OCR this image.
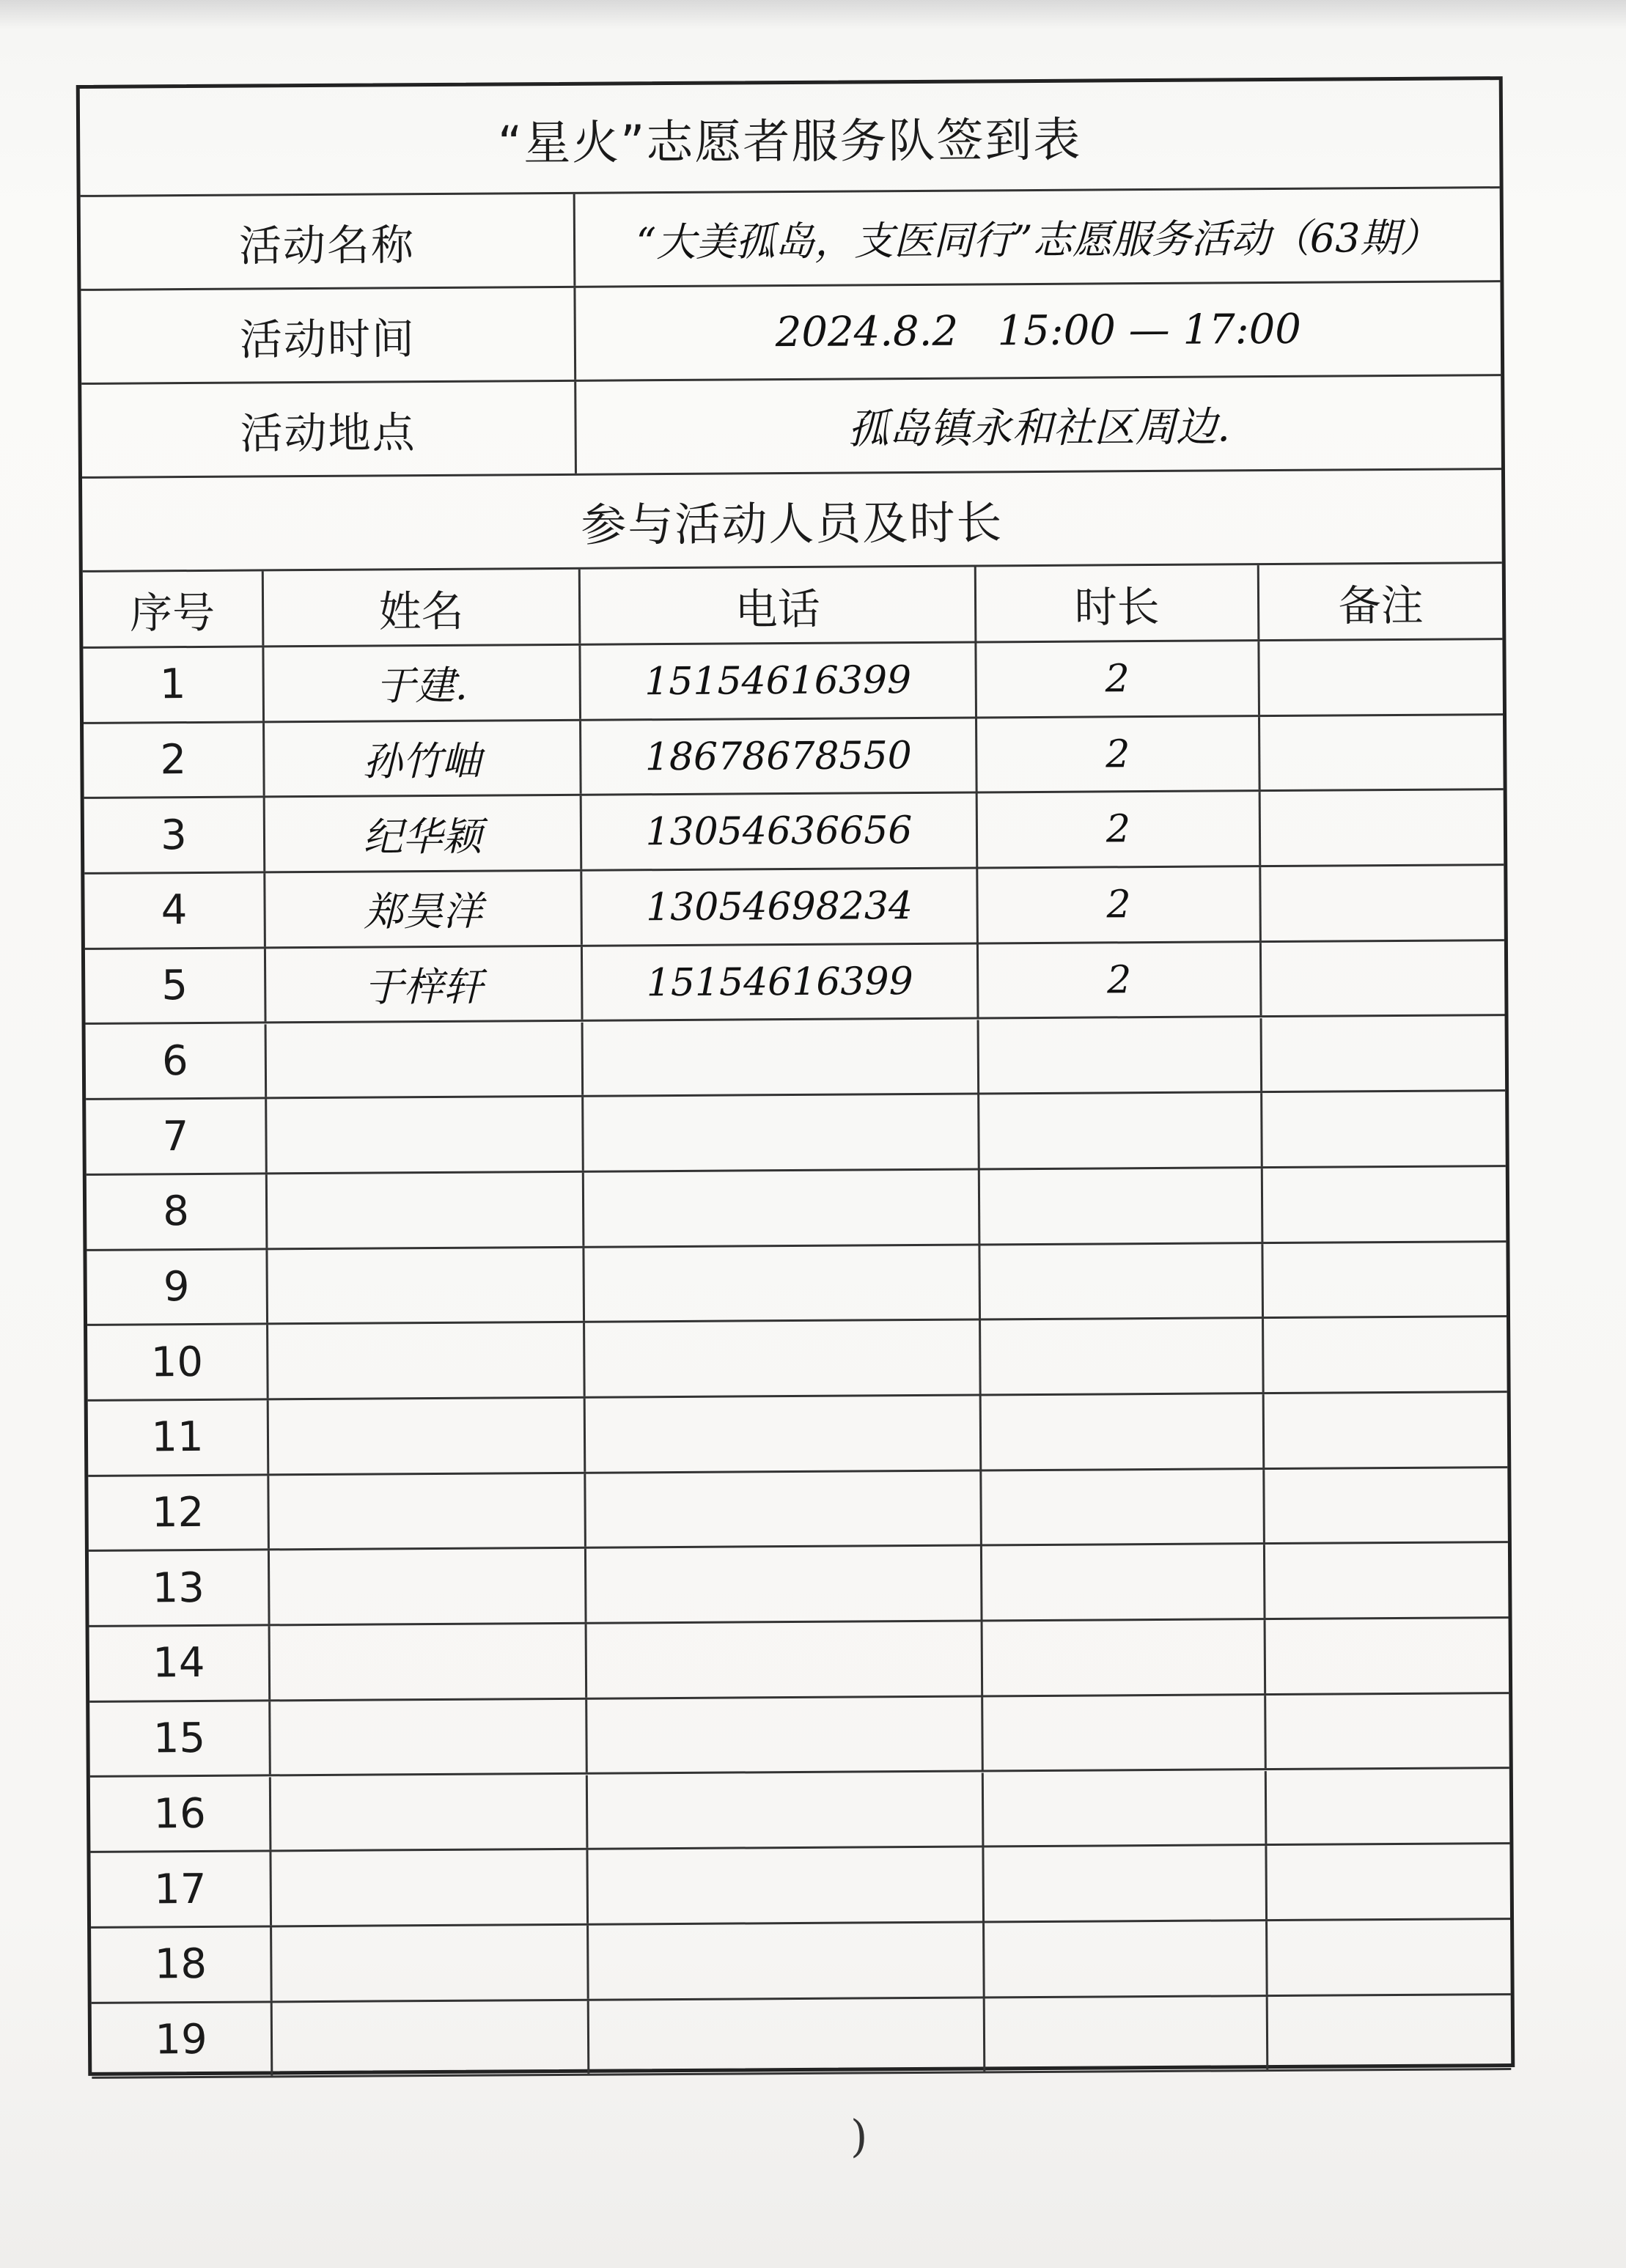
“星火”志愿者服务队签到表
活动名称	“大美孤岛，支医同行”志愿服务活动（63期）
活动时间	2024.8.2   15:00 — 17:00
活动地点	孤岛镇永和社区周边.
参与活动人员及时长
序号	姓名	电话	时长	备注
1	于建.	15154616399	2
2	孙竹岫	18678678550	2
3	纪华颖	13054636656	2
4	郑昊洋	13054698234	2
5	于梓轩	15154616399	2
6
7
8
9
10
11
12
13
14
15
16
17
18
19
)
